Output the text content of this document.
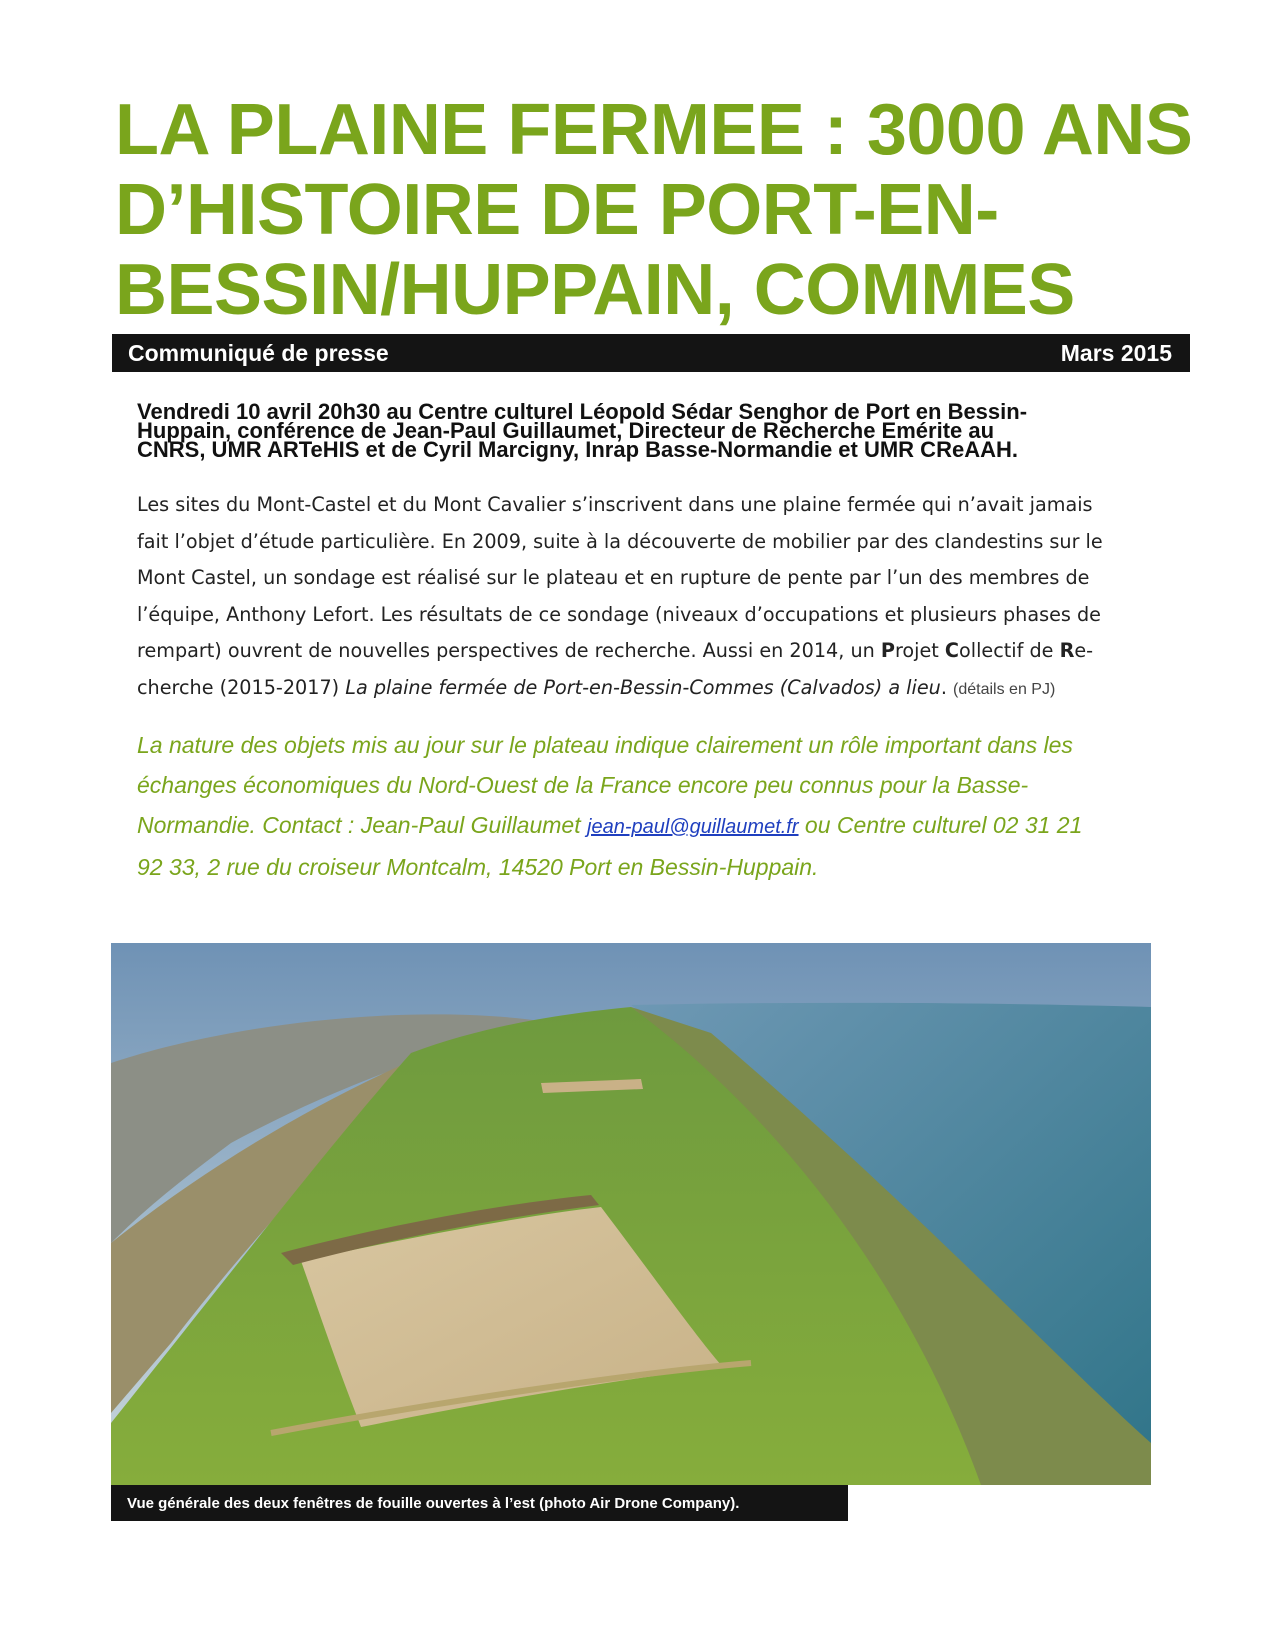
LA PLAINE FERMEE : 3000 ANS
D’HISTOIRE DE PORT-EN-
BESSIN/HUPPAIN, COMMES
Communiqué de presse	Mars 2015

Vendredi 10 avril 20h30 au Centre culturel Léopold Sédar Senghor de Port en Bessin-
Huppain, conférence de Jean-Paul Guillaumet, Directeur de Recherche Emérite au
CNRS, UMR ARTeHIS et de Cyril Marcigny, Inrap Basse-Normandie et UMR CReAAH.

Les sites du Mont-Castel et du Mont Cavalier s’inscrivent dans une plaine fermée qui n’avait jamais
fait l’objet d’étude particulière. En 2009, suite à la découverte de mobilier par des clandestins sur le
Mont Castel, un sondage est réalisé sur le plateau et en rupture de pente par l’un des membres de
l’équipe, Anthony Lefort. Les résultats de ce sondage (niveaux d’occupations et plusieurs phases de
rempart) ouvrent de nouvelles perspectives de recherche. Aussi en 2014, un Projet Collectif de Re-
cherche (2015-2017) La plaine fermée de Port-en-Bessin-Commes (Calvados) a lieu. (détails en PJ)

La nature des objets mis au jour sur le plateau indique clairement un rôle important dans les
échanges économiques du Nord-Ouest de la France encore peu connus pour la Basse-
Normandie. Contact : Jean-Paul Guillaumet jean-paul@guillaumet.fr ou Centre culturel 02 31 21
92 33, 2 rue du croiseur Montcalm, 14520 Port en Bessin-Huppain.

Vue générale des deux fenêtres de fouille ouvertes à l’est (photo Air Drone Company).
